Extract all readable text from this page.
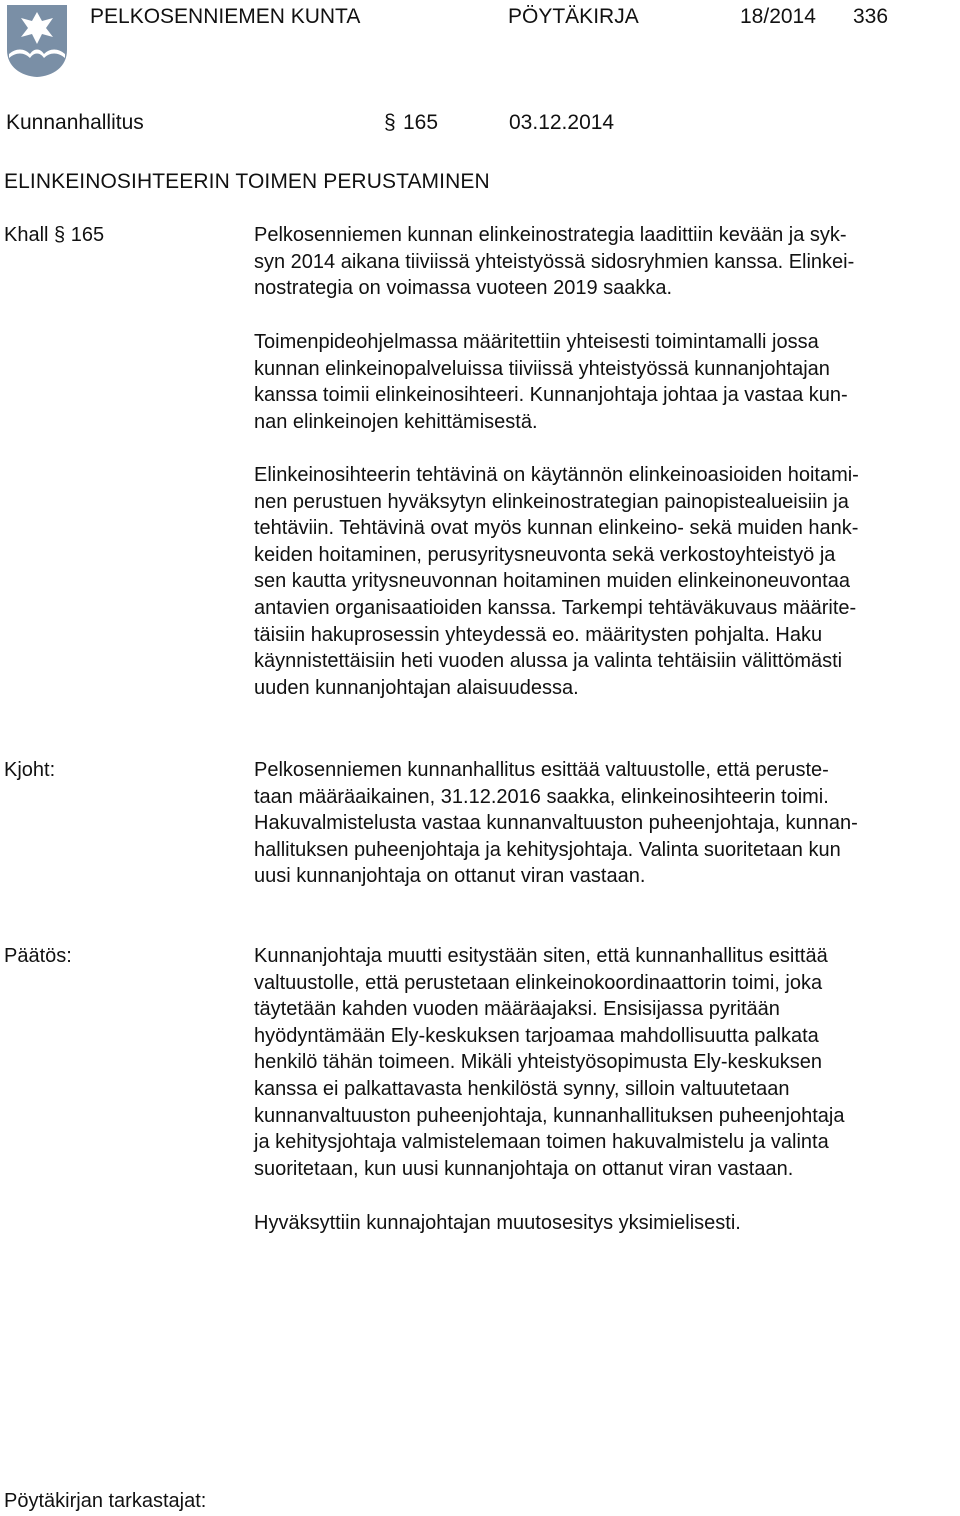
PELKOSENNIEMEN KUNTA	PÖYTÄKIRJA	18/2014 336
Kunnanhallitus	§ 165	03.12.2014
ELINKEINOSIHTEERIN TOIMEN PERUSTAMINEN
Khall § 165	Pelkosenniemen kunnan elinkeinostrategia laadittiin kevään ja syk-
syn 2014 aikana tiiviissä yhteistyössä sidosryhmien kanssa. Elinkei-
nostrategia on voimassa vuoteen 2019 saakka.
Toimenpideohjelmassa määritettiin yhteisesti toimintamalli jossa
kunnan elinkeinopalveluissa tiiviissä yhteistyössä kunnanjohtajan
kanssa toimii elinkeinosihteeri. Kunnanjohtaja johtaa ja vastaa kun-
nan elinkeinojen kehittämisestä.
Elinkeinosihteerin tehtävinä on käytännön elinkeinoasioiden hoitami-
nen perustuen hyväksytyn elinkeinostrategian painopistealueisiin ja
tehtäviin. Tehtävinä ovat myös kunnan elinkeino- sekä muiden hank-
keiden hoitaminen, perusyritysneuvonta sekä verkostoyhteistyö ja
sen kautta yritysneuvonnan hoitaminen muiden elinkeinoneuvontaa
antavien organisaatioiden kanssa. Tarkempi tehtäväkuvaus määrite-
täisiin hakuprosessin yhteydessä eo. määritysten pohjalta. Haku
käynnistettäisiin heti vuoden alussa ja valinta tehtäisiin välittömästi
uuden kunnanjohtajan alaisuudessa.
Kjoht:	Pelkosenniemen kunnanhallitus esittää valtuustolle, että peruste-
taan määräaikainen, 31.12.2016 saakka, elinkeinosihteerin toimi.
Hakuvalmistelusta vastaa kunnanvaltuuston puheenjohtaja, kunnan-
hallituksen puheenjohtaja ja kehitysjohtaja. Valinta suoritetaan kun
uusi kunnanjohtaja on ottanut viran vastaan.
Päätös:	Kunnanjohtaja muutti esitystään siten, että kunnanhallitus esittää
valtuustolle, että perustetaan elinkeinokoordinaattorin toimi, joka
täytetään kahden vuoden määräajaksi. Ensisijassa pyritään
hyödyntämään Ely-keskuksen tarjoamaa mahdollisuutta palkata
henkilö tähän toimeen. Mikäli yhteistyösopimusta Ely-keskuksen
kanssa ei palkattavasta henkilöstä synny, silloin valtuutetaan
kunnanvaltuuston puheenjohtaja, kunnanhallituksen puheenjohtaja
ja kehitysjohtaja valmistelemaan toimen hakuvalmistelu ja valinta
suoritetaan, kun uusi kunnanjohtaja on ottanut viran vastaan.
Hyväksyttiin kunnajohtajan muutosesitys yksimielisesti.
Pöytäkirjan tarkastajat:
